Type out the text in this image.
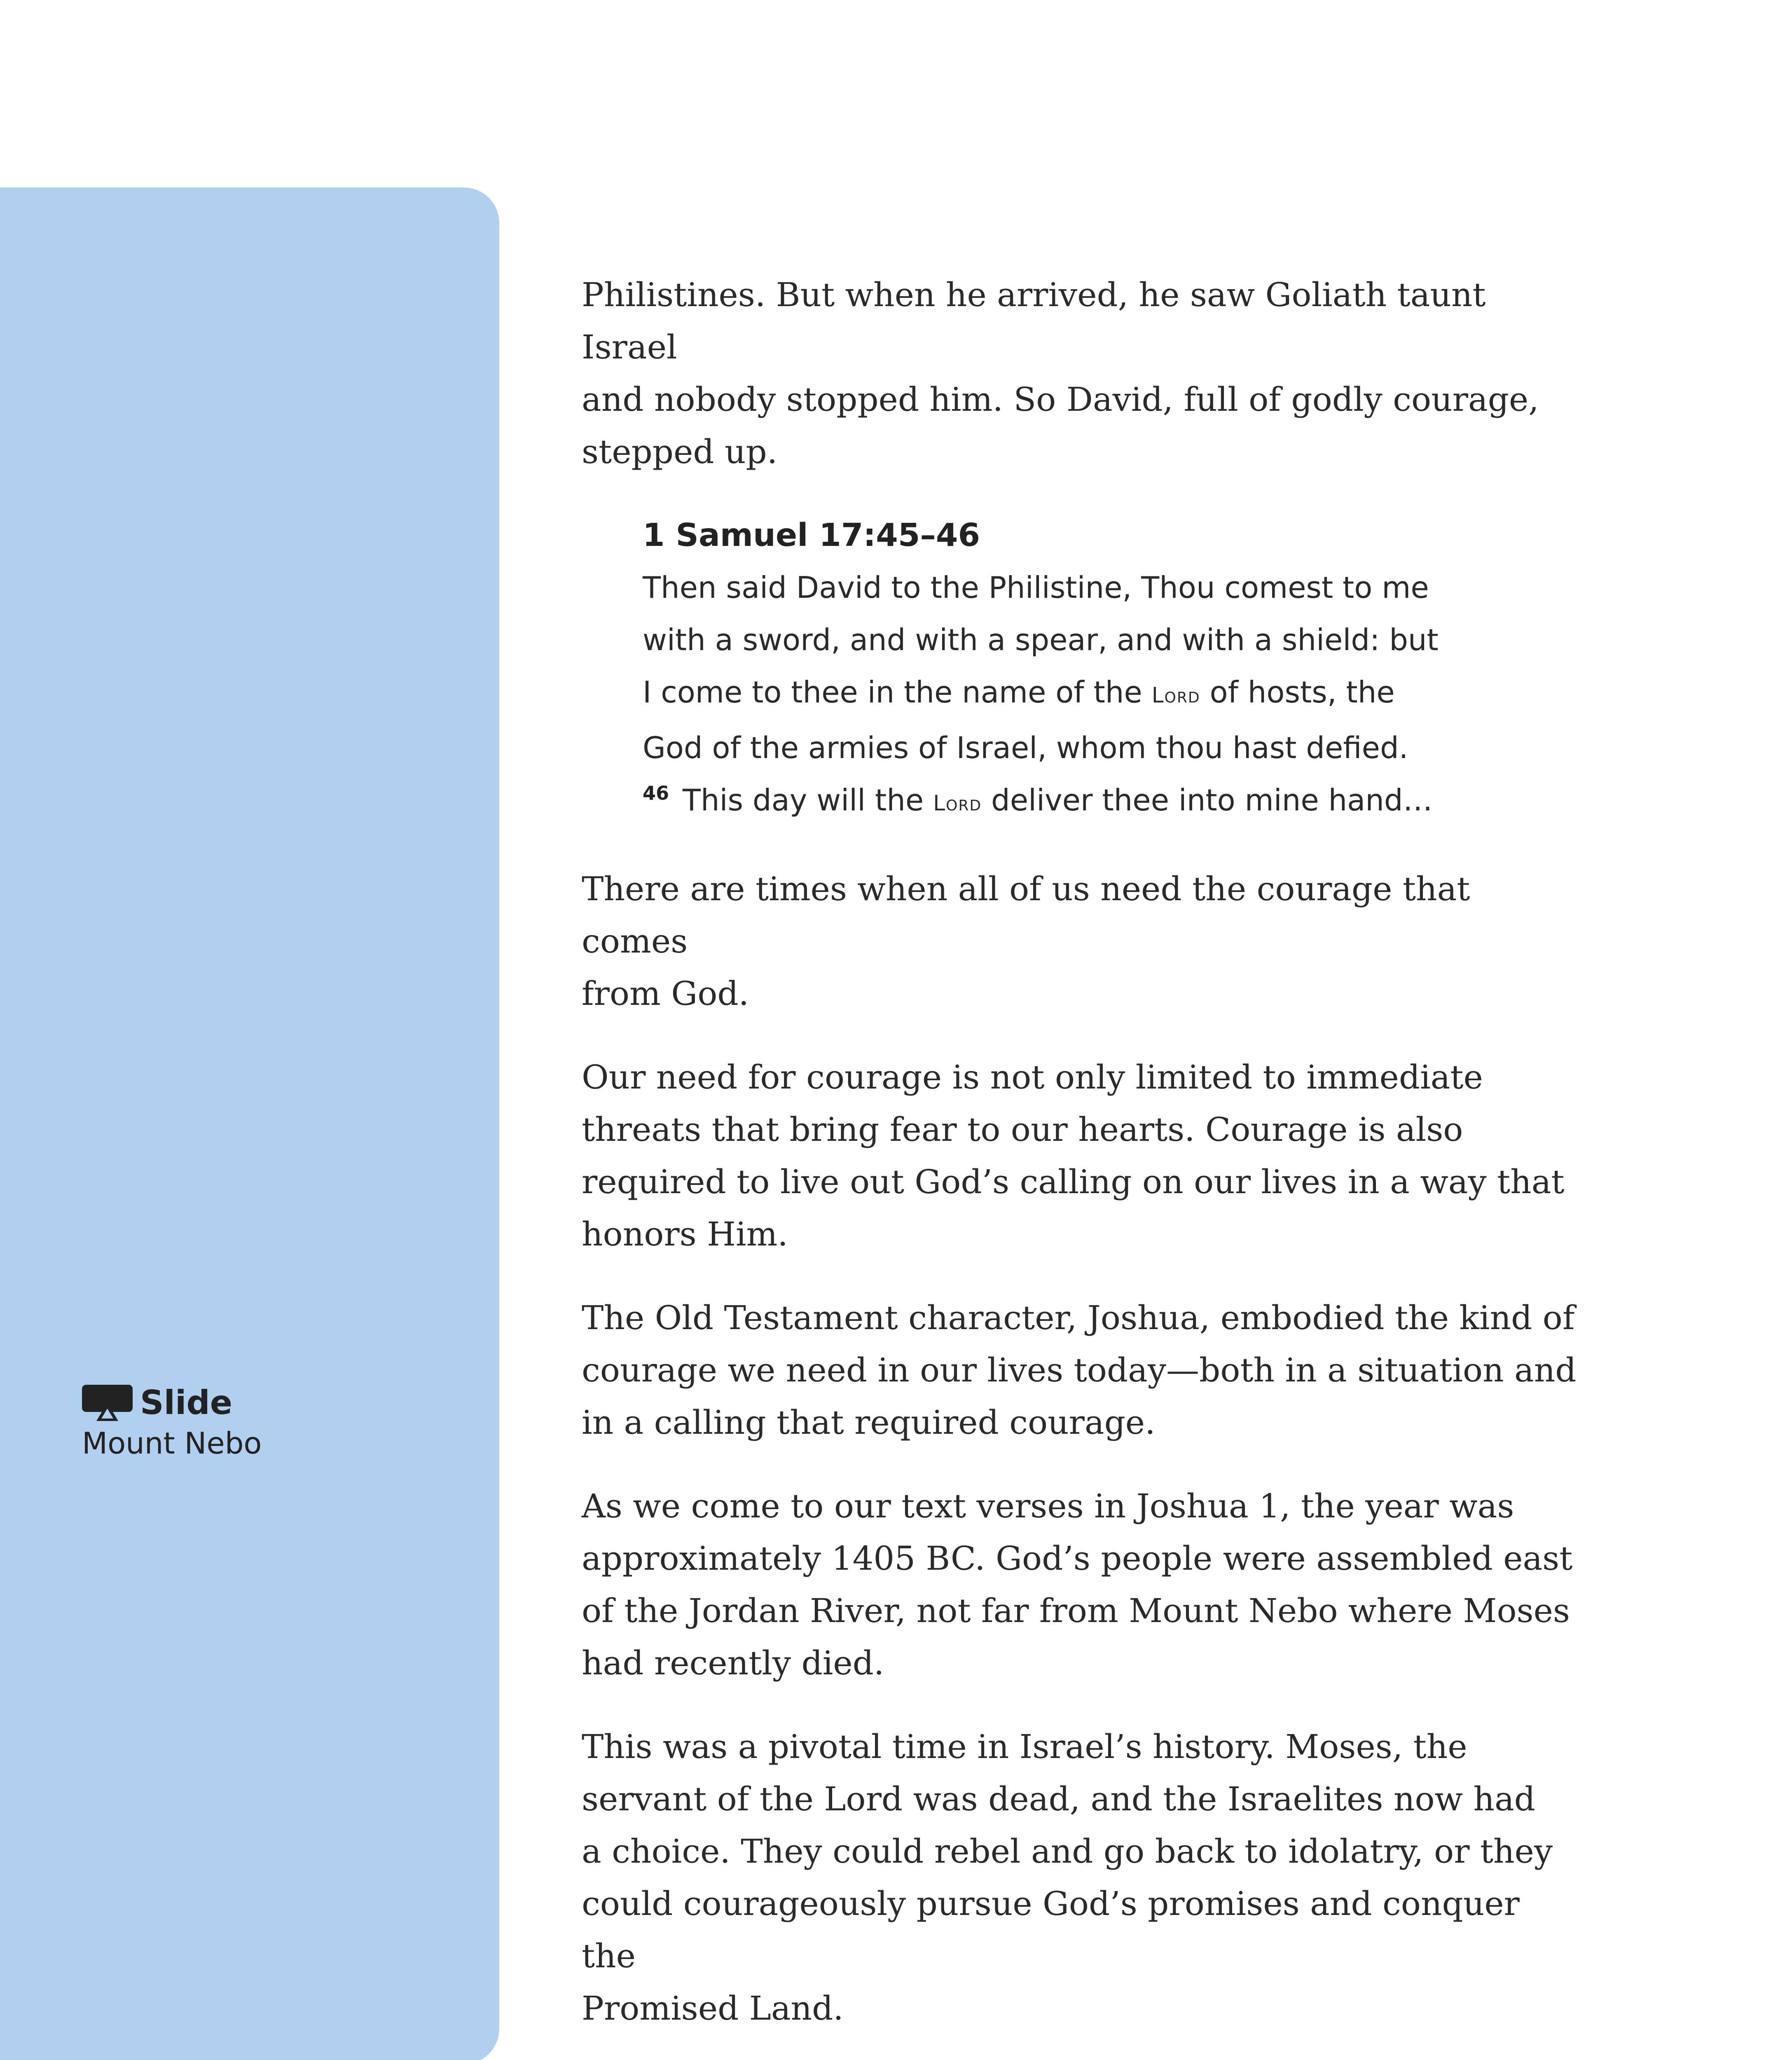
Slide
Mount Nebo

Philistines. But when he arrived, he saw Goliath taunt Israel
and nobody stopped him. So David, full of godly courage,
stepped up.

1 Samuel 17:45–46

Then said David to the Philistine, Thou comest to me
with a sword, and with a spear, and with a shield: but
I come to thee in the name of the Lord of hosts, the
God of the armies of Israel, whom thou hast defied.
$^{46}$ This day will the Lord deliver thee into mine hand…

There are times when all of us need the courage that comes
from God.

Our need for courage is not only limited to immediate
threats that bring fear to our hearts. Courage is also
required to live out God’s calling on our lives in a way that
honors Him.

The Old Testament character, Joshua, embodied the kind of
courage we need in our lives today—both in a situation and
in a calling that required courage.

As we come to our text verses in Joshua 1, the year was
approximately 1405 BC. God’s people were assembled east
of the Jordan River, not far from Mount Nebo where Moses
had recently died.

This was a pivotal time in Israel’s history. Moses, the
servant of the Lord was dead, and the Israelites now had
a choice. They could rebel and go back to idolatry, or they
could courageously pursue God’s promises and conquer the
Promised Land.
